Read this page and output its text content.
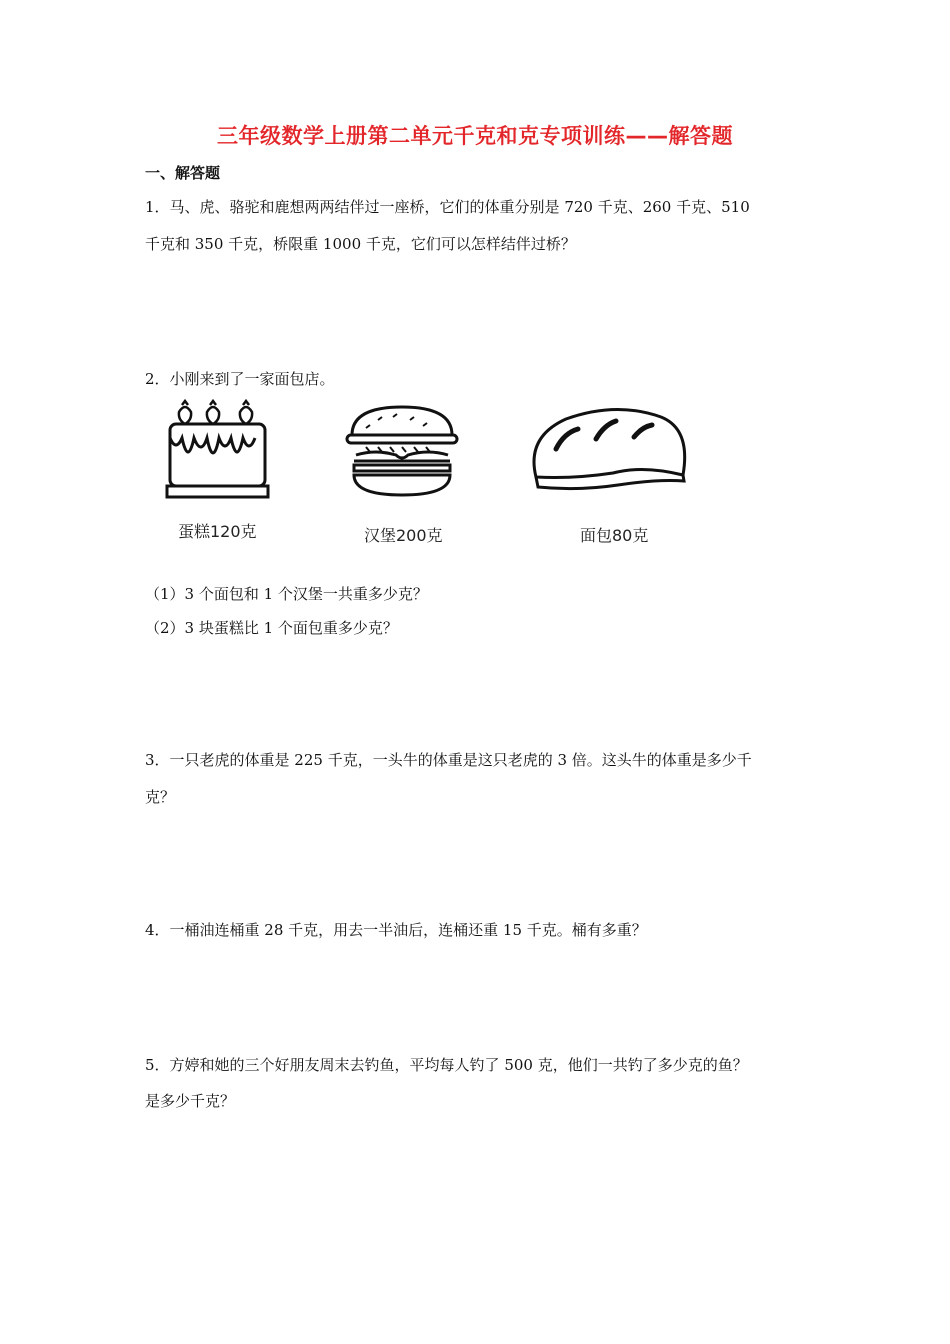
三年级数学上册第二单元千克和克专项训练——解答题
一、解答题
1．马、虎、骆驼和鹿想两两结伴过一座桥，它们的体重分别是 720 千克、260 千克、510
千克和 350 千克，桥限重 1000 千克，它们可以怎样结伴过桥？
2．小刚来到了一家面包店。
蛋糕120克	汉堡200克	面包80克
（1）3 个面包和 1 个汉堡一共重多少克？
（2）3 块蛋糕比 1 个面包重多少克？
3．一只老虎的体重是 225 千克，一头牛的体重是这只老虎的 3 倍。这头牛的体重是多少千
克？
4．一桶油连桶重 28 千克，用去一半油后，连桶还重 15 千克。桶有多重？
5．方婷和她的三个好朋友周末去钓鱼，平均每人钓了 500 克，他们一共钓了多少克的鱼？
是多少千克？
